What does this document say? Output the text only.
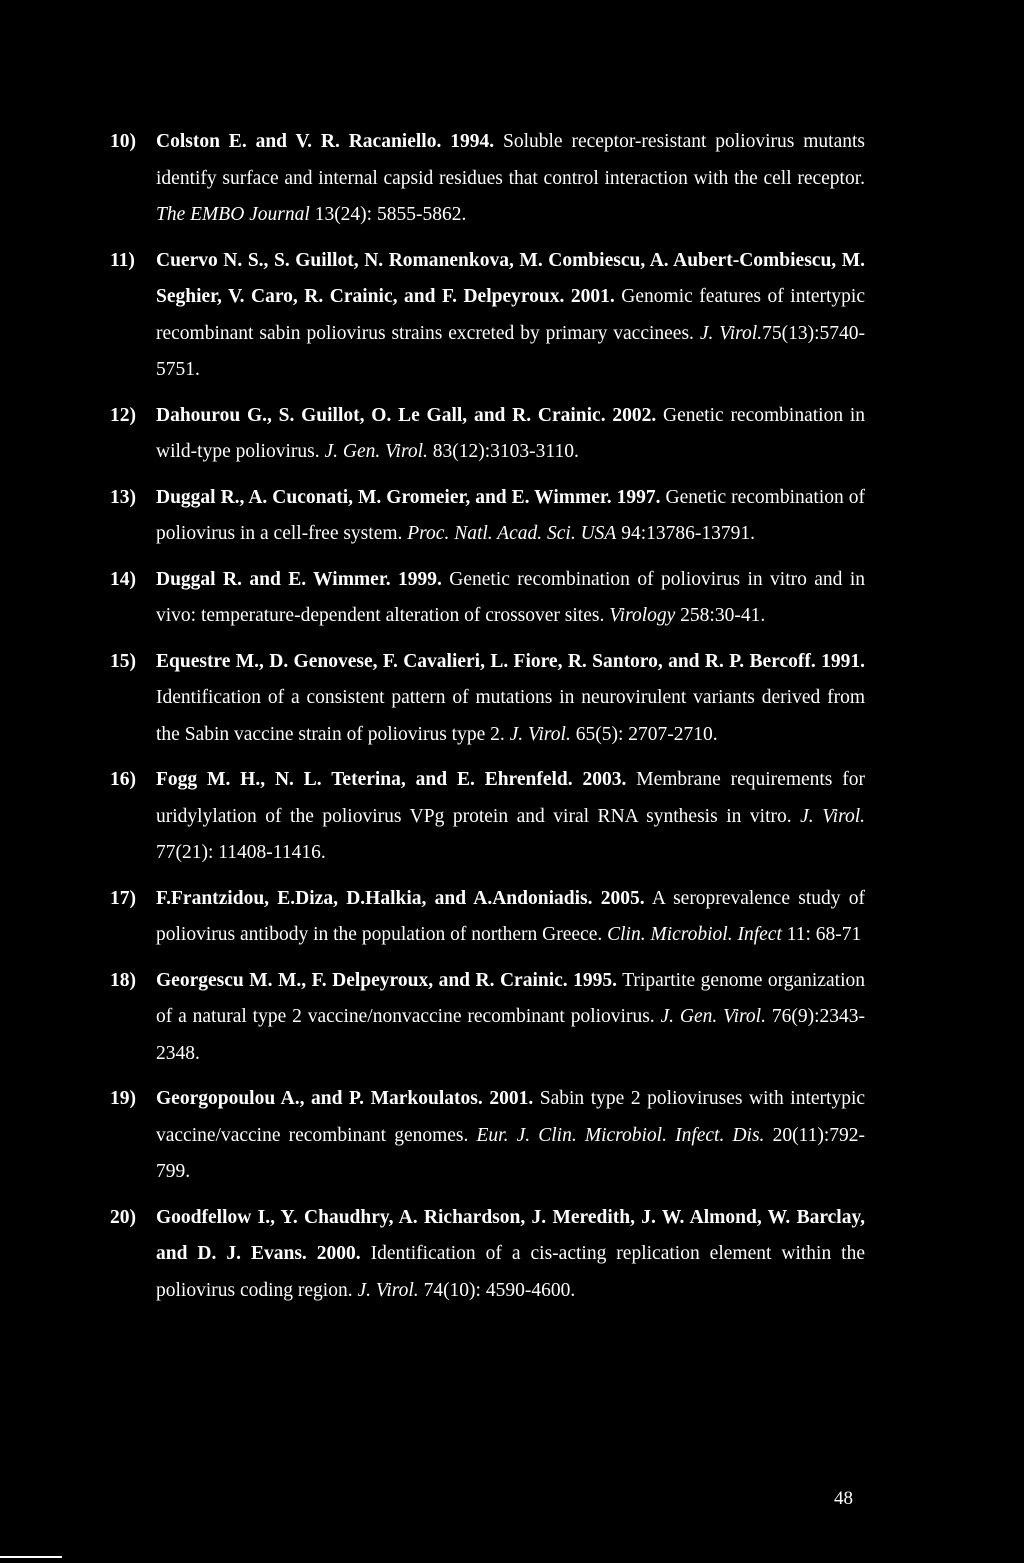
10) Colston E. and V. R. Racaniello. 1994. Soluble receptor-resistant poliovirus mutants identify surface and internal capsid residues that control interaction with the cell receptor. The EMBO Journal 13(24): 5855-5862.
11) Cuervo N. S., S. Guillot, N. Romanenkova, M. Combiescu, A. Aubert-Combiescu, M. Seghier, V. Caro, R. Crainic, and F. Delpeyroux. 2001. Genomic features of intertypic recombinant sabin poliovirus strains excreted by primary vaccinees. J. Virol.75(13):5740-5751.
12) Dahourou G., S. Guillot, O. Le Gall, and R. Crainic. 2002. Genetic recombination in wild-type poliovirus. J. Gen. Virol. 83(12):3103-3110.
13) Duggal R., A. Cuconati, M. Gromeier, and E. Wimmer. 1997. Genetic recombination of poliovirus in a cell-free system. Proc. Natl. Acad. Sci. USA 94:13786-13791.
14) Duggal R. and E. Wimmer. 1999. Genetic recombination of poliovirus in vitro and in vivo: temperature-dependent alteration of crossover sites. Virology 258:30-41.
15) Equestre M., D. Genovese, F. Cavalieri, L. Fiore, R. Santoro, and R. P. Bercoff. 1991. Identification of a consistent pattern of mutations in neurovirulent variants derived from the Sabin vaccine strain of poliovirus type 2. J. Virol. 65(5): 2707-2710.
16) Fogg M. H., N. L. Teterina, and E. Ehrenfeld. 2003. Membrane requirements for uridylylation of the poliovirus VPg protein and viral RNA synthesis in vitro. J. Virol. 77(21): 11408-11416.
17) F.Frantzidou, E.Diza, D.Halkia, and A.Andoniadis. 2005. A seroprevalence study of poliovirus antibody in the population of northern Greece. Clin. Microbiol. Infect 11: 68-71
18) Georgescu M. M., F. Delpeyroux, and R. Crainic. 1995. Tripartite genome organization of a natural type 2 vaccine/nonvaccine recombinant poliovirus. J. Gen. Virol. 76(9):2343-2348.
19) Georgopoulou A., and P. Markoulatos. 2001. Sabin type 2 polioviruses with intertypic vaccine/vaccine recombinant genomes. Eur. J. Clin. Microbiol. Infect. Dis. 20(11):792-799.
20) Goodfellow I., Y. Chaudhry, A. Richardson, J. Meredith, J. W. Almond, W. Barclay, and D. J. Evans. 2000. Identification of a cis-acting replication element within the poliovirus coding region. J. Virol. 74(10): 4590-4600.
48
